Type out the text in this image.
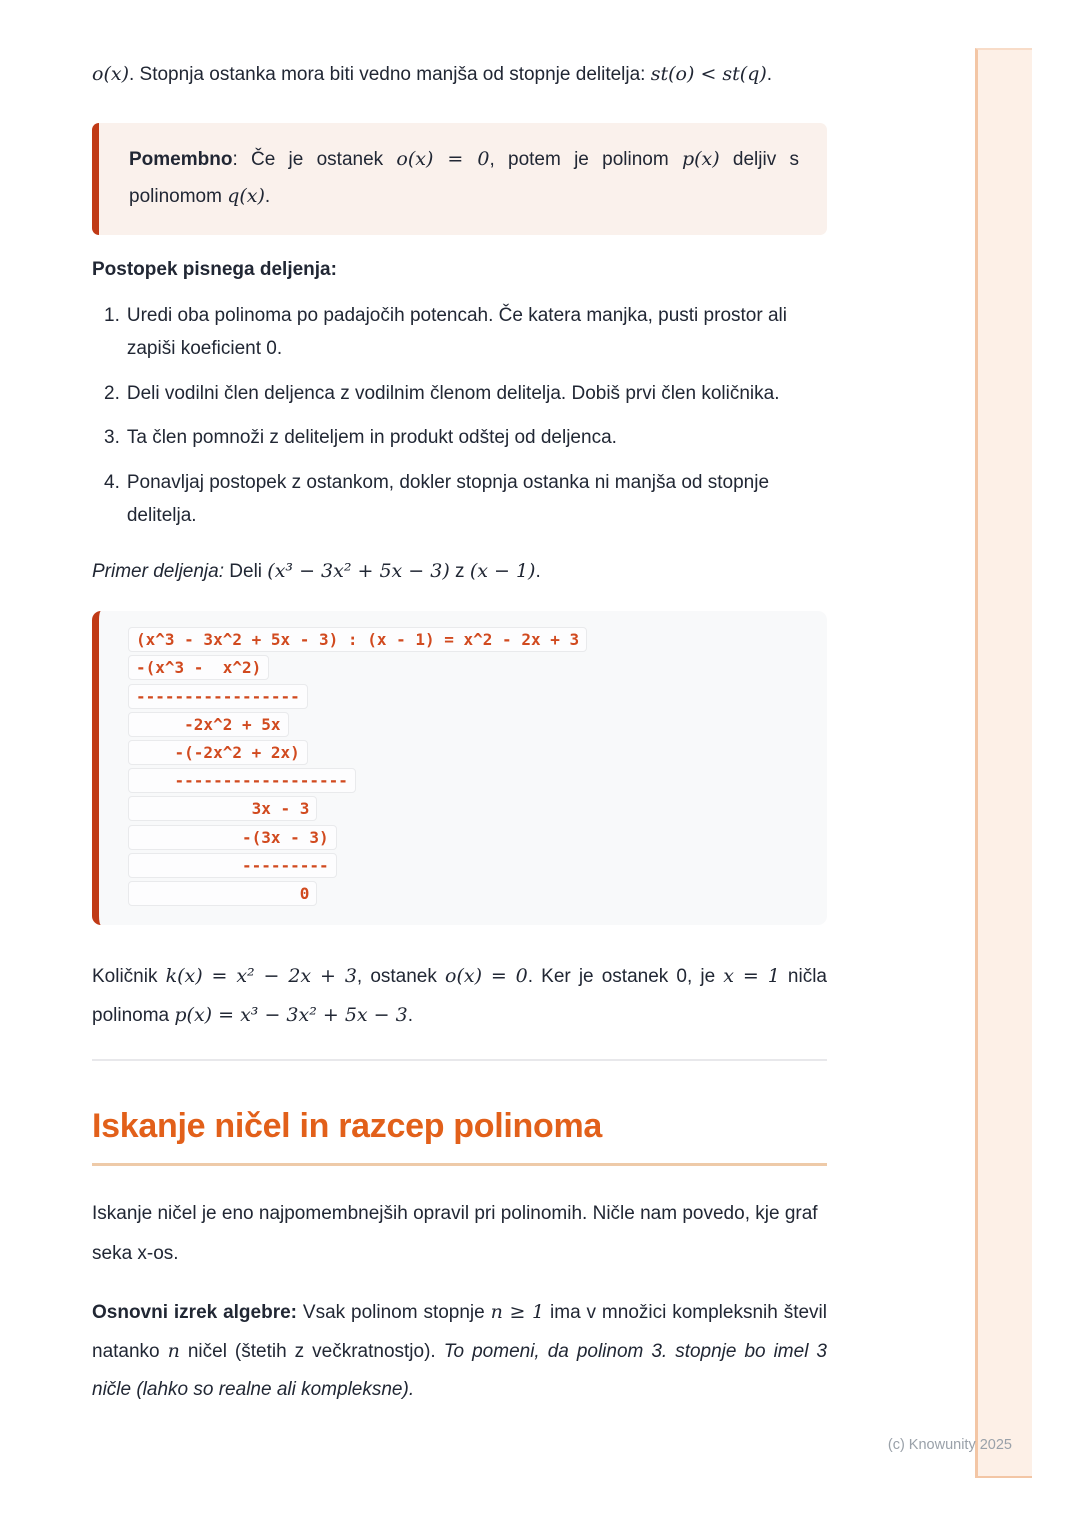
o(x). Stopnja ostanka mora biti vedno manjša od stopnje delitelja: st(o) < st(q).

Pomembno: Če je ostanek o(x) = 0, potem je polinom p(x) deljiv s polinomom q(x).

Postopek pisnega deljenja:

1. Uredi oba polinoma po padajočih potencah. Če katera manjka, pusti prostor ali zapiši koeficient 0.
2. Deli vodilni člen deljenca z vodilnim členom delitelja. Dobiš prvi člen količnika.
3. Ta člen pomnoži z deliteljem in produkt odštej od deljenca.
4. Ponavljaj postopek z ostankom, dokler stopnja ostanka ni manjša od stopnje delitelja.

Primer deljenja: Deli (x³ − 3x² + 5x − 3) z (x − 1).

(x^3 - 3x^2 + 5x - 3) : (x - 1) = x^2 - 2x + 3
-(x^3 -  x^2)
-----------------
-2x^2 + 5x
-(-2x^2 + 2x)
------------------
3x - 3
-(3x - 3)
---------
0

Količnik k(x) = x² − 2x + 3, ostanek o(x) = 0. Ker je ostanek 0, je x = 1 ničla polinoma p(x) = x³ − 3x² + 5x − 3.

Iskanje ničel in razcep polinoma

Iskanje ničel je eno najpomembnejših opravil pri polinomih. Ničle nam povedo, kje graf seka x-os.

Osnovni izrek algebre: Vsak polinom stopnje n ≥ 1 ima v množici kompleksnih števil natanko n ničel (štetih z večkratnostjo). To pomeni, da polinom 3. stopnje bo imel 3 ničle (lahko so realne ali kompleksne).

(c) Knowunity 2025
